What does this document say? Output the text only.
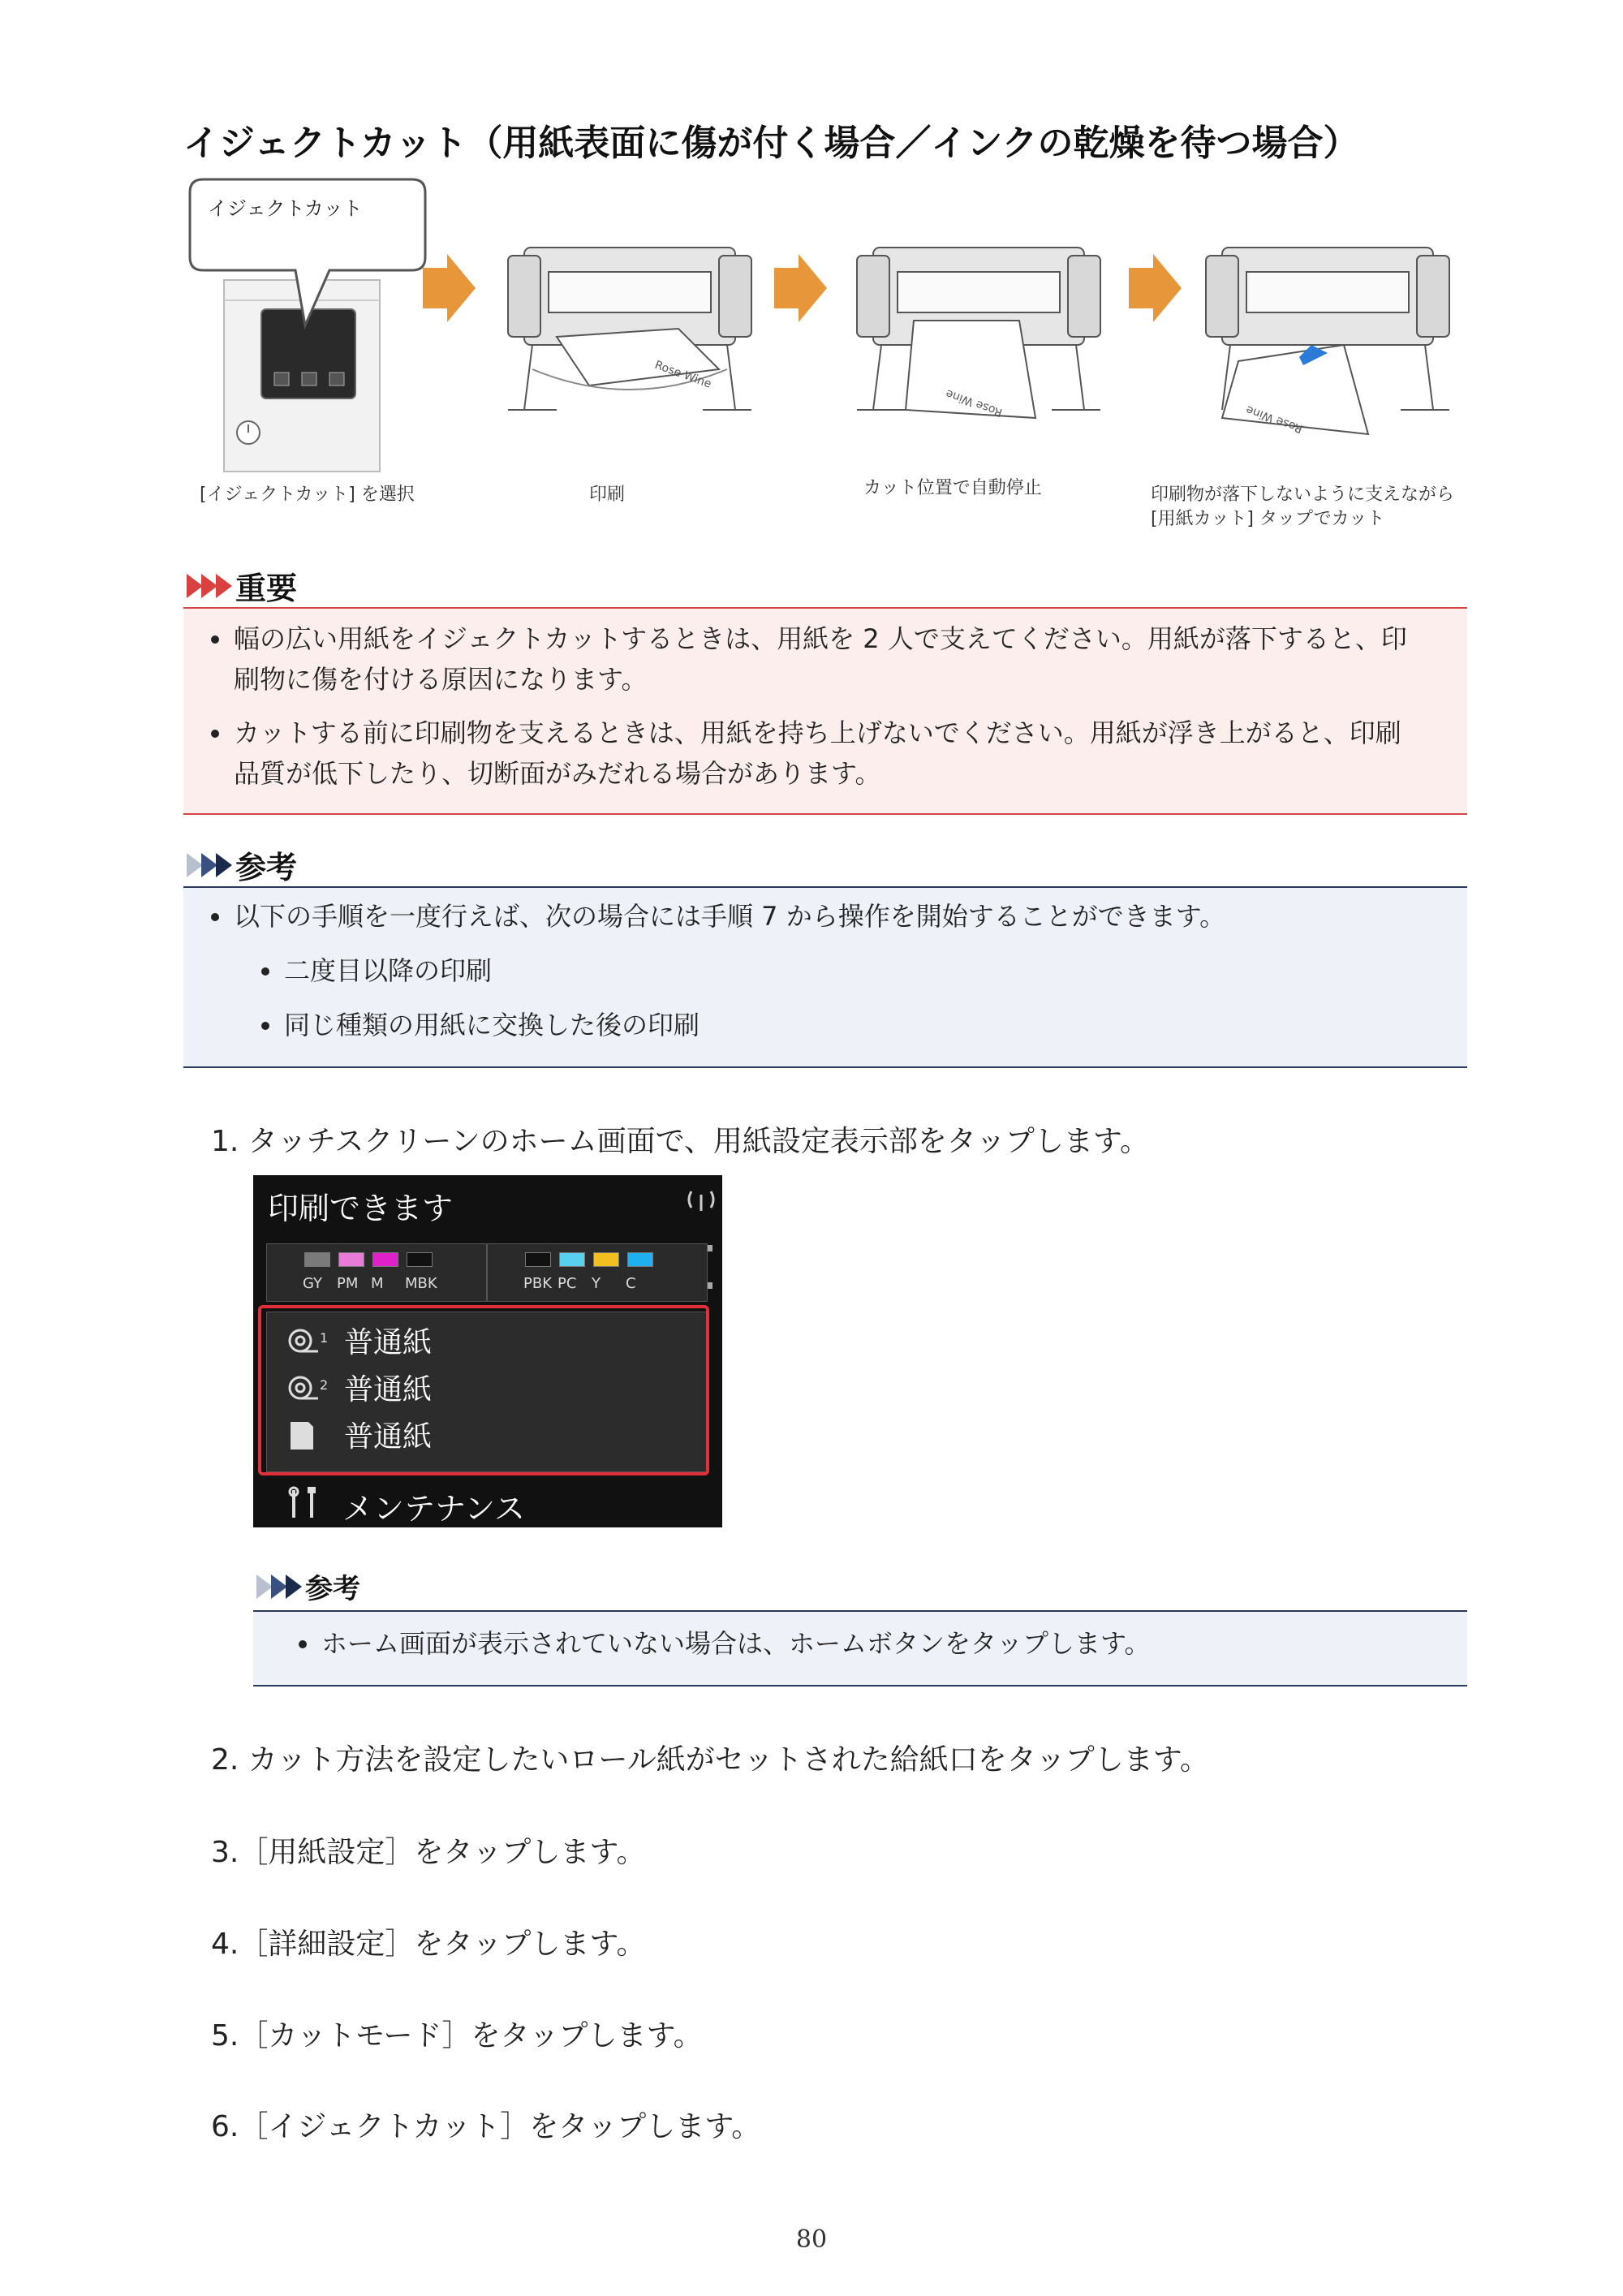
イジェクトカット（用紙表面に傷が付く場合／インクの乾燥を待つ場合）
イジェクトカット
Rose Wine
Rose Wine
Rose Wine
[イジェクトカット] を選択	印刷	カット位置で自動停止	印刷物が落下しないように支えながら
[用紙カット] タップでカット
重要
幅の広い用紙をイジェクトカットするときは、用紙を 2 人で支えてください。用紙が落下すると、印
刷物に傷を付ける原因になります。
カットする前に印刷物を支えるときは、用紙を持ち上げないでください。用紙が浮き上がると、印刷
品質が低下したり、切断面がみだれる場合があります。
参考
以下の手順を一度行えば、次の場合には手順 7 から操作を開始することができます。
二度目以降の印刷
同じ種類の用紙に交換した後の印刷
1. タッチスクリーンのホーム画面で、用紙設定表示部をタップします。
印刷できます
GY PM M MBK	PBK PC Y C
1 普通紙
2 普通紙
普通紙
メンテナンス
参考
ホーム画面が表示されていない場合は、ホームボタンをタップします。
2. カット方法を設定したいロール紙がセットされた給紙口をタップします。
3.［用紙設定］をタップします。
4.［詳細設定］をタップします。
5.［カットモード］をタップします。
6.［イジェクトカット］をタップします。
80
